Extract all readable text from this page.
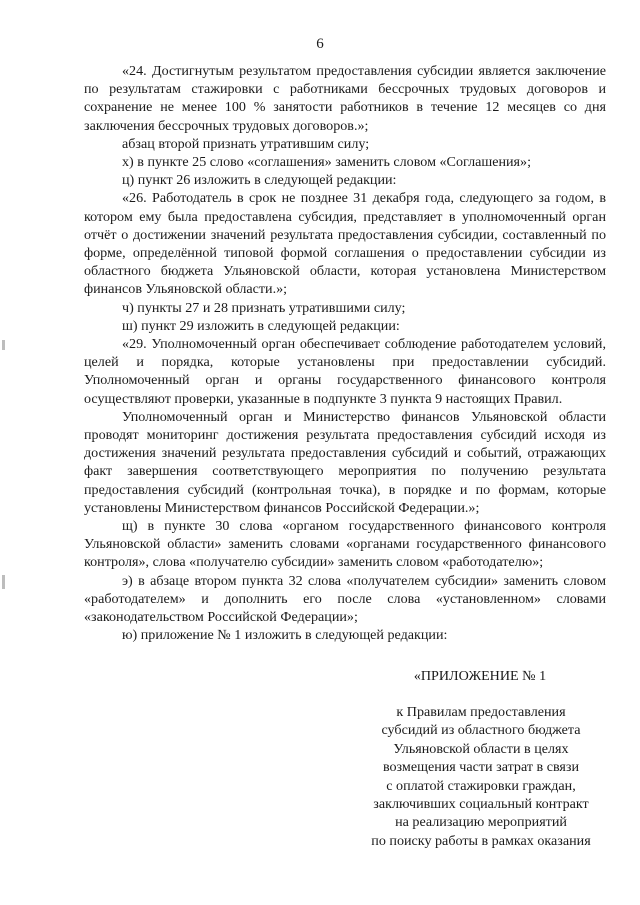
6

«24. Достигнутым результатом предоставления субсидии является заключение по результатам стажировки с работниками бессрочных трудовых договоров и сохранение не менее 100 % занятости работников в течение 12 месяцев со дня заключения бессрочных трудовых договоров.»;

абзац второй признать утратившим силу;

х) в пункте 25 слово «соглашения» заменить словом «Соглашения»;

ц) пункт 26 изложить в следующей редакции:

«26. Работодатель в срок не позднее 31 декабря года, следующего за годом, в котором ему была предоставлена субсидия, представляет в уполномоченный орган отчёт о достижении значений результата предоставления субсидии, составленный по форме, определённой типовой формой соглашения о предоставлении субсидии из областного бюджета Ульяновской области, которая установлена Министерством финансов Ульяновской области.»;

ч) пункты 27 и 28 признать утратившими силу;

ш) пункт 29 изложить в следующей редакции:

«29. Уполномоченный орган обеспечивает соблюдение работодателем условий, целей и порядка, которые установлены при предоставлении субсидий. Уполномоченный орган и органы государственного финансового контроля осуществляют проверки, указанные в подпункте 3 пункта 9 настоящих Правил.

Уполномоченный орган и Министерство финансов Ульяновской области проводят мониторинг достижения результата предоставления субсидий исходя из достижения значений результата предоставления субсидий и событий, отражающих факт завершения соответствующего мероприятия по получению результата предоставления субсидий (контрольная точка), в порядке и по формам, которые установлены Министерством финансов Российской Федерации.»;

щ) в пункте 30 слова «органом государственного финансового контроля Ульяновской области» заменить словами «органами государственного финансового контроля», слова «получателю субсидии» заменить словом «работодателю»;

э) в абзаце втором пункта 32 слова «получателем субсидии» заменить словом «работодателем» и дополнить его после слова «установленном» словами «законодательством Российской Федерации»;

ю) приложение № 1 изложить в следующей редакции:

«ПРИЛОЖЕНИЕ № 1
к Правилам предоставления
субсидий из областного бюджета
Ульяновской области в целях
возмещения части затрат в связи
с оплатой стажировки граждан,
заключивших социальный контракт
на реализацию мероприятий
по поиску работы в рамках оказания
